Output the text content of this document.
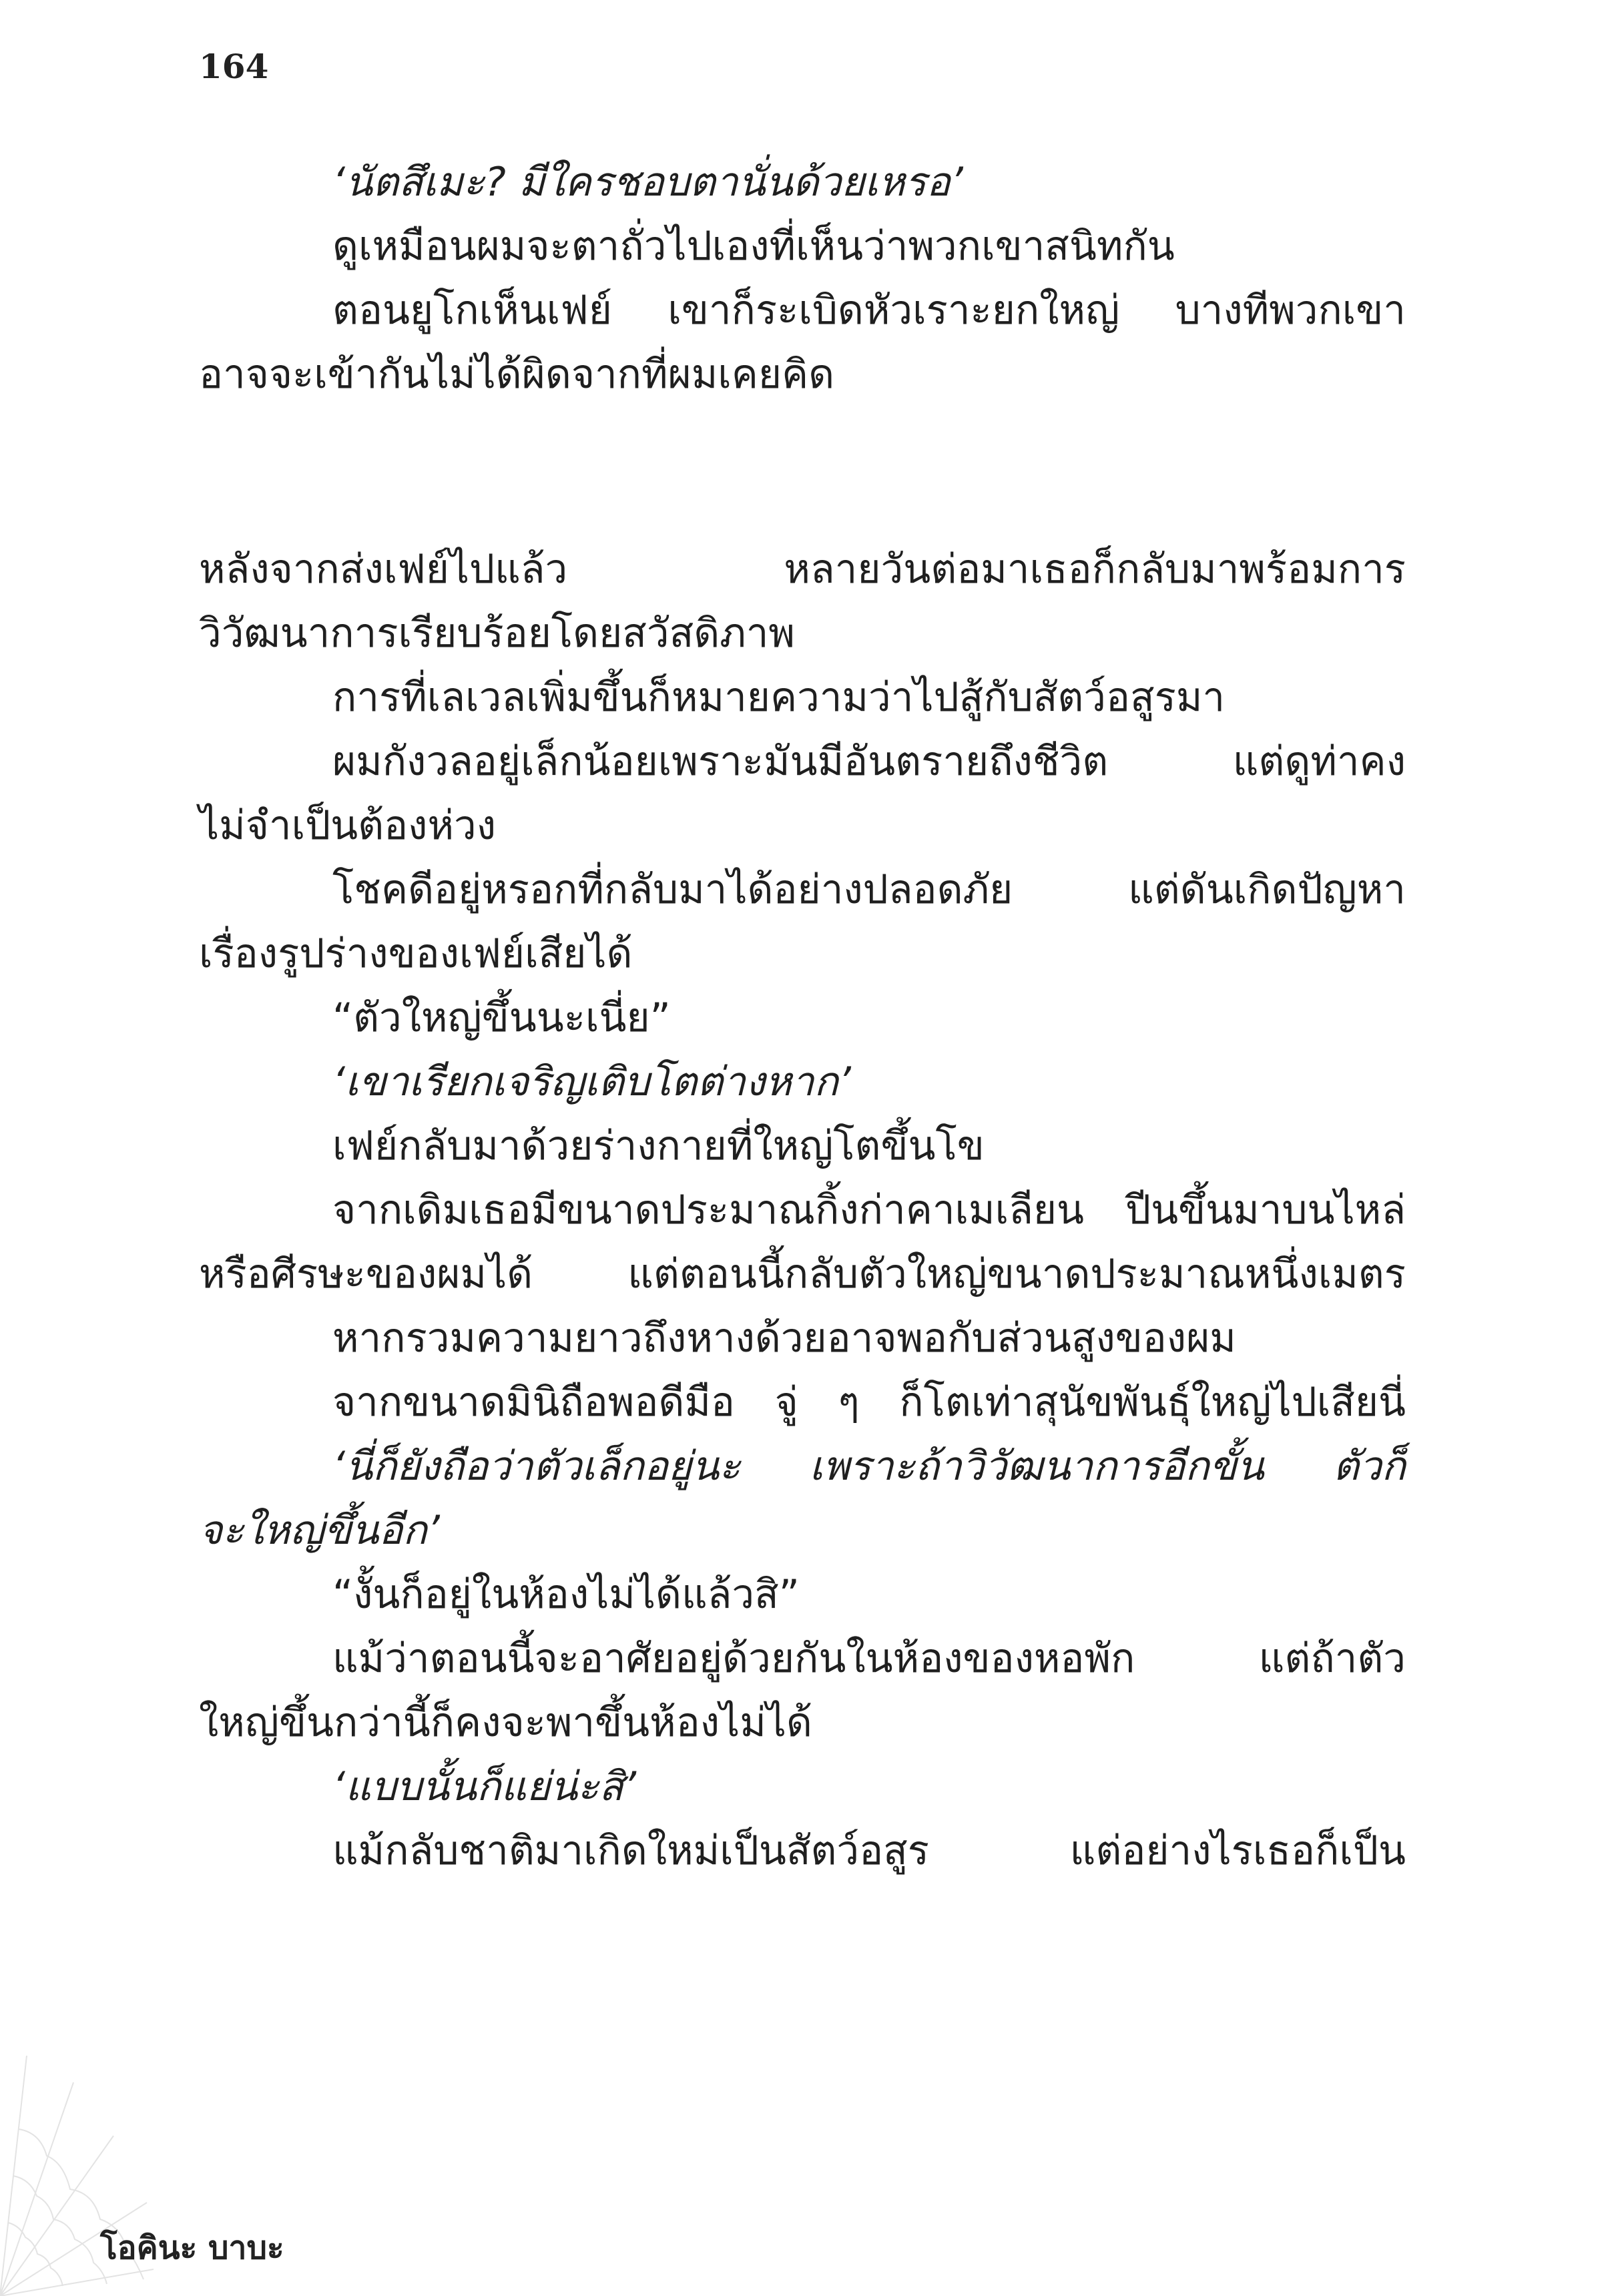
164
‘นัตสึเมะ? มีใครชอบตานั่นด้วยเหรอ’
ดูเหมือนผมจะตาถั่วไปเองที่เห็นว่าพวกเขาสนิทกัน
ตอนยูโกเห็นเฟย์ เขาก็ระเบิดหัวเราะยกใหญ่ บางทีพวกเขา
อาจจะเข้ากันไม่ได้ผิดจากที่ผมเคยคิด
หลังจากส่งเฟย์ไปแล้ว หลายวันต่อมาเธอก็กลับมาพร้อมการ
วิวัฒนาการเรียบร้อยโดยสวัสดิภาพ
การที่เลเวลเพิ่มขึ้นก็หมายความว่าไปสู้กับสัตว์อสูรมา
ผมกังวลอยู่เล็กน้อยเพราะมันมีอันตรายถึงชีวิต แต่ดูท่าคง
ไม่จำเป็นต้องห่วง
โชคดีอยู่หรอกที่กลับมาได้อย่างปลอดภัย แต่ดันเกิดปัญหา
เรื่องรูปร่างของเฟย์เสียได้
“ตัวใหญ่ขึ้นนะเนี่ย”
‘เขาเรียกเจริญเติบโตต่างหาก’
เฟย์กลับมาด้วยร่างกายที่ใหญ่โตขึ้นโข
จากเดิมเธอมีขนาดประมาณกิ้งก่าคาเมเลียน ปีนขึ้นมาบนไหล่
หรือศีรษะของผมได้ แต่ตอนนี้กลับตัวใหญ่ขนาดประมาณหนึ่งเมตร
หากรวมความยาวถึงหางด้วยอาจพอกับส่วนสูงของผม
จากขนาดมินิถือพอดีมือ จู่ ๆ ก็โตเท่าสุนัขพันธุ์ใหญ่ไปเสียนี่
‘นี่ก็ยังถือว่าตัวเล็กอยู่นะ เพราะถ้าวิวัฒนาการอีกขั้น ตัวก็
จะใหญ่ขึ้นอีก’
“งั้นก็อยู่ในห้องไม่ได้แล้วสิ”
แม้ว่าตอนนี้จะอาศัยอยู่ด้วยกันในห้องของหอพัก แต่ถ้าตัว
ใหญ่ขึ้นกว่านี้ก็คงจะพาขึ้นห้องไม่ได้
‘แบบนั้นก็แย่น่ะสิ’
แม้กลับชาติมาเกิดใหม่เป็นสัตว์อสูร แต่อย่างไรเธอก็เป็น
โอคินะ บาบะ
